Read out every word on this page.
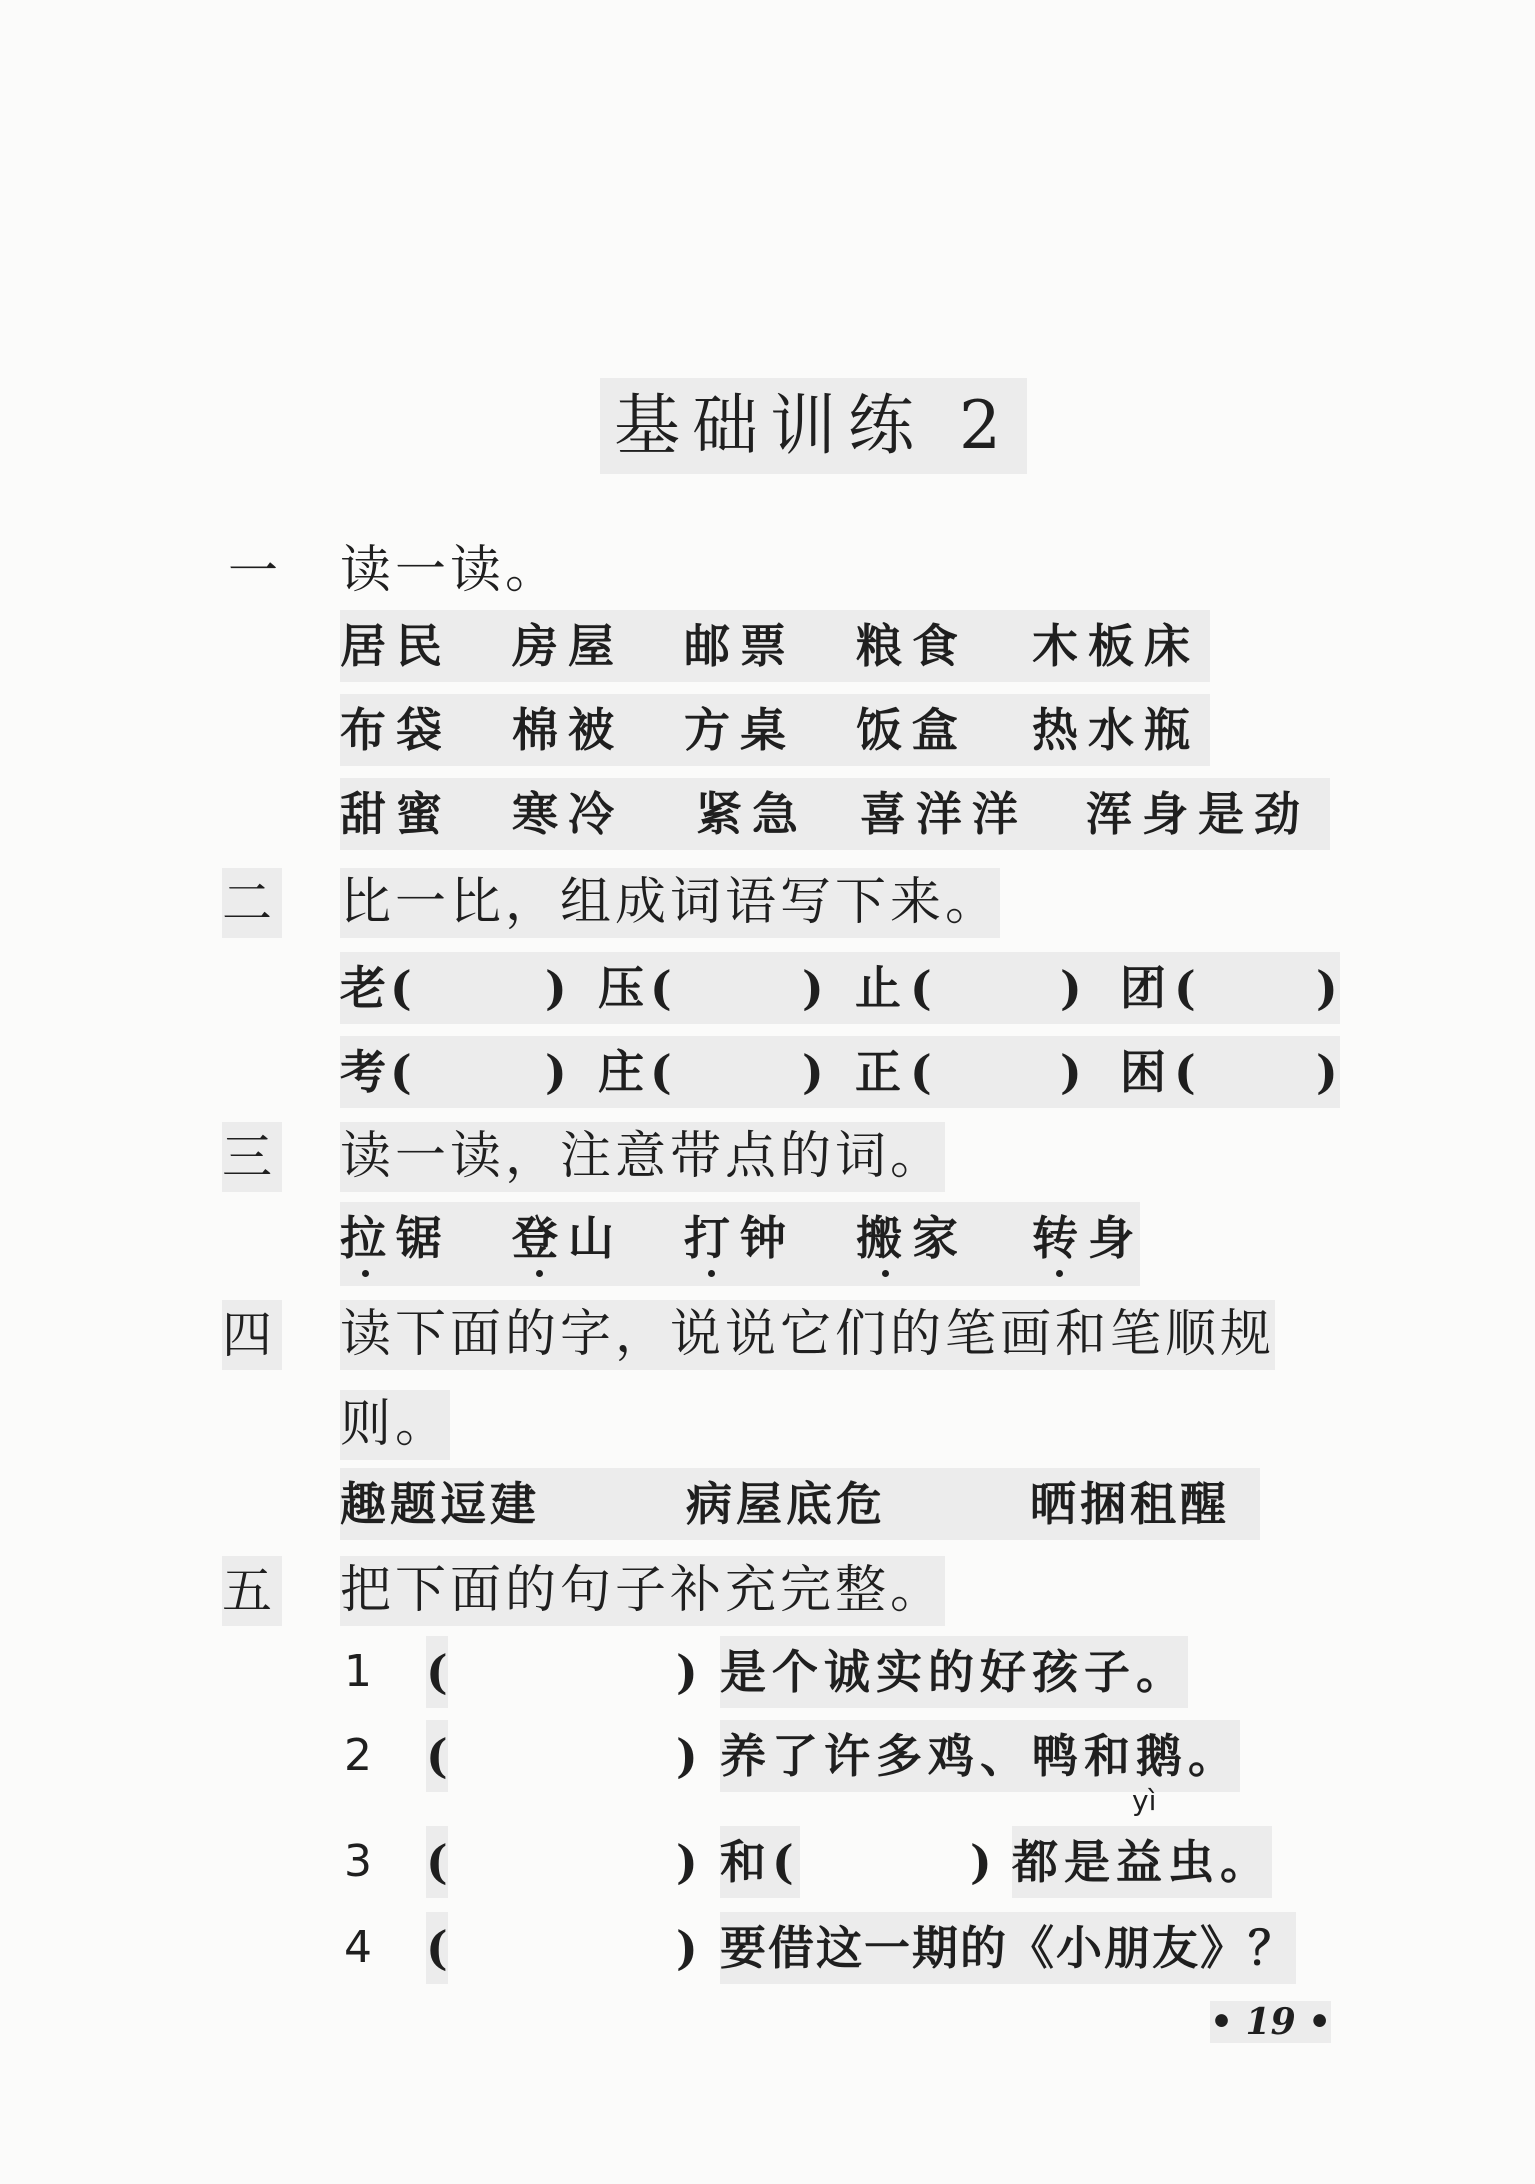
基础训练 2
一 读一读。
居民 房屋 邮票 粮食 木板床
布袋 棉被 方桌 饭盒 热水瓶
甜蜜 寒冷 紧急 喜洋洋 浑身是劲
二 比一比，组成词语写下来。
老 (	) 压 (	) 止 (	) 团 (	)
考 (	) 庄 (	) 正 (	) 困 (	)
三 读一读，注意带点的词。
拉锯 登山 打钟 搬家 转身
四 读下面的字，说说它们的笔画和笔顺规
则。
趣题逗建	病屋底危	晒捆租醒
五 把下面的句子补充完整。
1 (	) 是个诚实的好孩子。
2 (	) 养了许多鸡、鸭和鹅。
yì
3 (	) 和(	) 都是益虫。
4 (	) 要借这一期的《小朋友》？
• 19 •
